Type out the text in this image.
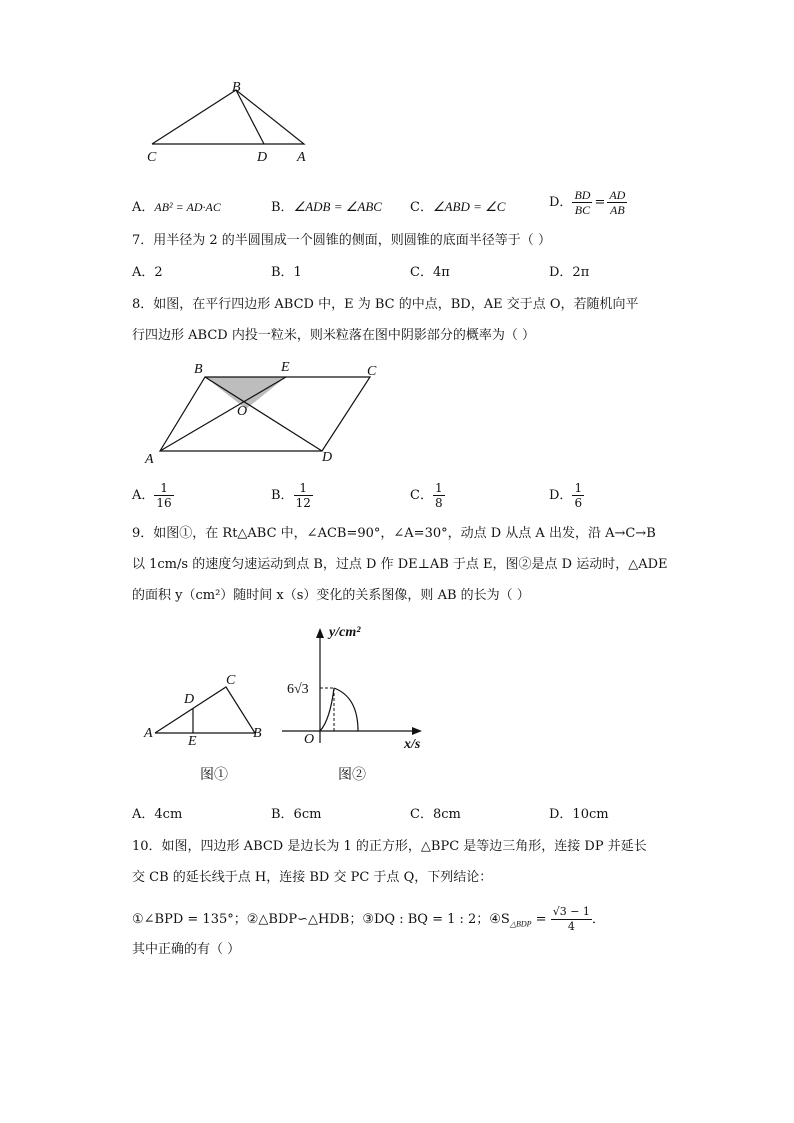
B
C	D A
A．AB² = AD·AC	B．∠ADB = ∠ABC C．∠ABD = ∠C	D． $\frac{BD}{BC} = \frac{AD}{AB}$
7．用半径为 2 的半圆围成一个圆锥的侧面，则圆锥的底面半径等于（ ）
A．2	B．1	C．4π	D．2π
8．如图，在平行四边形 ABCD 中，E 为 BC 的中点，BD，AE 交于点 O，若随机向平
行四边形 ABCD 内投一粒米，则米粒落在图中阴影部分的概率为（ ）
B	E	C
O
A	D
A． $\frac{1}{16}$	B． $\frac{1}{12}$	C． $\frac{1}{8}$	D． $\frac{1}{6}$
9．如图①，在 Rt△ABC 中，∠ACB=90°，∠A=30°，动点 D 从点 A 出发，沿 A→C→B
以 1cm/s 的速度匀速运动到点 B，过点 D 作 DE⊥AB 于点 E，图②是点 D 运动时，△ADE
的面积 y（cm²）随时间 x（s）变化的关系图像，则 AB 的长为（ ）
C
D
A
E
B
图①
y/cm²
6√3
O	x/s
图②
A．4cm	B．6cm	C．8cm	D．10cm
10．如图，四边形 ABCD 是边长为 1 的正方形，△BPC 是等边三角形，连接 DP 并延长
交 CB 的延长线于点 H，连接 BD 交 PC 于点 Q，下列结论：
①∠BPD = 135°；②△BDP∽△HDB；③DQ : BQ = 1 : 2；$④S_{\triangle BDP} = \frac{√3 - 1}{4}$ ．
其中正确的有（ ）
